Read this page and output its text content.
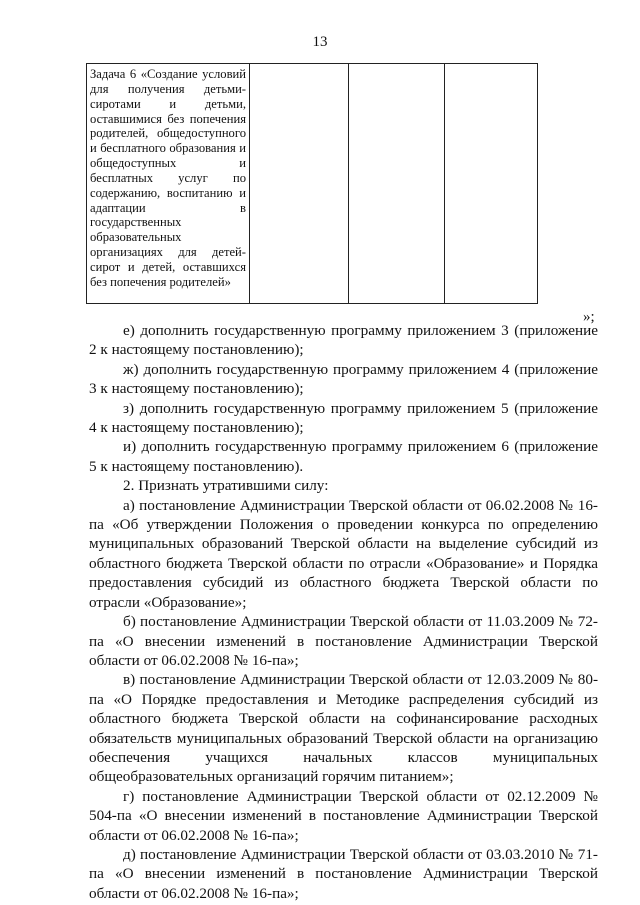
13
Задача 6 «Создание условий для получения детьми-сиротами и детьми, оставшимися без попечения родителей, общедоступного и бесплатного образования и общедоступных и бесплатных услуг по содержанию, воспитанию и адаптации в государственных образовательных организациях для детей-сирот и детей, оставшихся без попечения родителей»

»;

е) дополнить государственную программу приложением 3 (приложение 2 к настоящему постановлению);

ж) дополнить государственную программу приложением 4 (приложение 3 к настоящему постановлению);

з) дополнить государственную программу приложением 5 (приложение 4 к настоящему постановлению);

и) дополнить государственную программу приложением 6 (приложение 5 к настоящему постановлению).

2. Признать утратившими силу:

а) постановление Администрации Тверской области от 06.02.2008 № 16-па «Об утверждении Положения о проведении конкурса по определению муниципальных образований Тверской области на выделение субсидий из областного бюджета Тверской области по отрасли «Образование» и Порядка предоставления субсидий из областного бюджета Тверской области по отрасли «Образование»;

б) постановление Администрации Тверской области от 11.03.2009 № 72-па «О внесении изменений в постановление Администрации Тверской области от 06.02.2008 № 16-па»;

в) постановление Администрации Тверской области от 12.03.2009 № 80-па «О Порядке предоставления и Методике распределения субсидий из областного бюджета Тверской области на софинансирование расходных обязательств муниципальных образований Тверской области на организацию обеспечения учащихся начальных классов муниципальных общеобразовательных организаций горячим питанием»;

г) постановление Администрации Тверской области от 02.12.2009 № 504-па «О внесении изменений в постановление Администрации Тверской области от 06.02.2008 № 16-па»;

д) постановление Администрации Тверской области от 03.03.2010 № 71-па «О внесении изменений в постановление Администрации Тверской области от 06.02.2008 № 16-па»;
